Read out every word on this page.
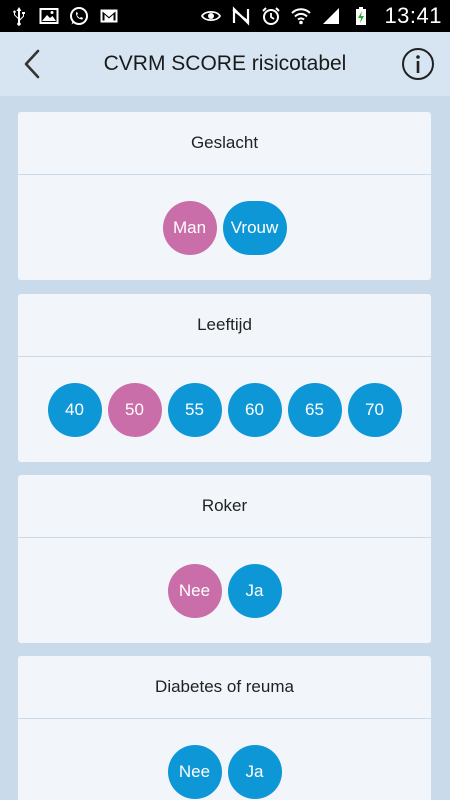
13:41
CVRM SCORE risicotabel
Geslacht
Man	Vrouw
Leeftijd
40	50	55	60	65	70
Roker
Nee	Ja
Diabetes of reuma
Nee	Ja
